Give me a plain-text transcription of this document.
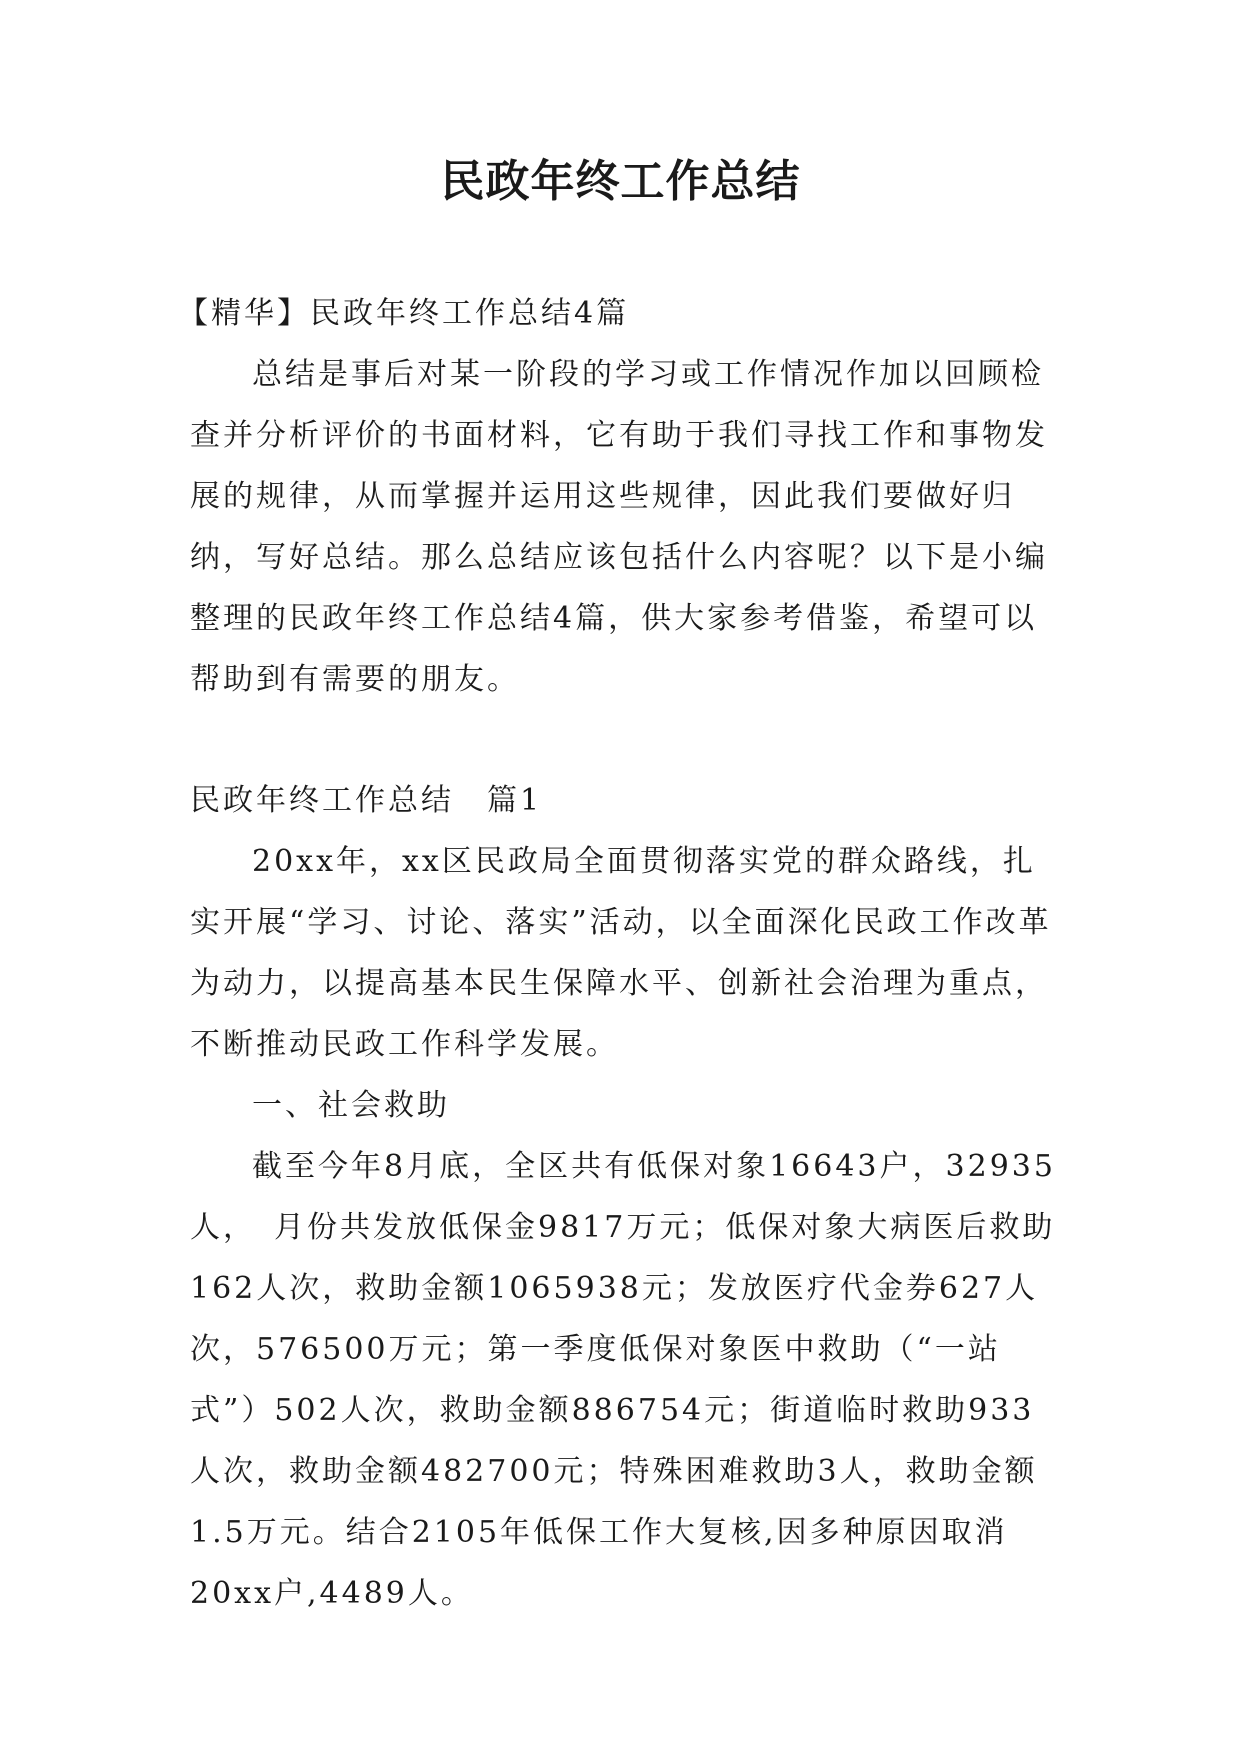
民政年终工作总结

【精华】民政年终工作总结4篇

总结是事后对某一阶段的学习或工作情况作加以回顾检查并分析评价的书面材料，它有助于我们寻找工作和事物发展的规律，从而掌握并运用这些规律，因此我们要做好归纳，写好总结。那么总结应该包括什么内容呢？以下是小编整理的民政年终工作总结4篇，供大家参考借鉴，希望可以帮助到有需要的朋友。

民政年终工作总结　篇1

20xx年，xx区民政局全面贯彻落实党的群众路线，扎实开展“学习、讨论、落实”活动，以全面深化民政工作改革为动力，以提高基本民生保障水平、创新社会治理为重点，不断推动民政工作科学发展。

一、社会救助

截至今年8月底，全区共有低保对象16643户，32935人，　月份共发放低保金9817万元；低保对象大病医后救助162人次，救助金额1065938元；发放医疗代金券627人次，576500万元；第一季度低保对象医中救助（“一站式”）502人次，救助金额886754元；街道临时救助933人次，救助金额482700元；特殊困难救助3人，救助金额1.5万元。结合2105年低保工作大复核,因多种原因取消20xx户,4489人。
